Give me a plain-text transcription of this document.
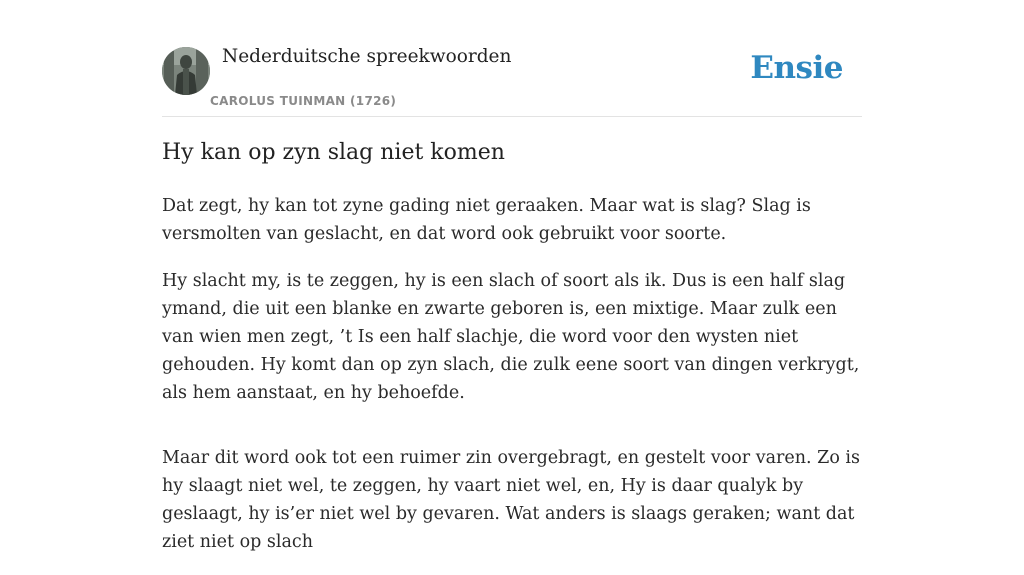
Nederduitsche spreekwoorden
CAROLUS TUINMAN (1726)
Ensie
Hy kan op zyn slag niet komen

Dat zegt, hy kan tot zyne gading niet geraaken. Maar wat is slag? Slag is versmolten van geslacht, en dat word ook gebruikt voor soorte.

Hy slacht my, is te zeggen, hy is een slach of soort als ik. Dus is een half slag ymand, die uit een blanke en zwarte geboren is, een mixtige. Maar zulk een van wien men zegt, ’t Is een half slachje, die word voor den wysten niet gehouden. Hy komt dan op zyn slach, die zulk eene soort van dingen verkrygt, als hem aanstaat, en hy behoefde.

Maar dit word ook tot een ruimer zin overgebragt, en gestelt voor varen. Zo is hy slaagt niet wel, te zeggen, hy vaart niet wel, en, Hy is daar qualyk by geslaagt, hy is’er niet wel by gevaren. Wat anders is slaags geraken; want dat ziet niet op slach
